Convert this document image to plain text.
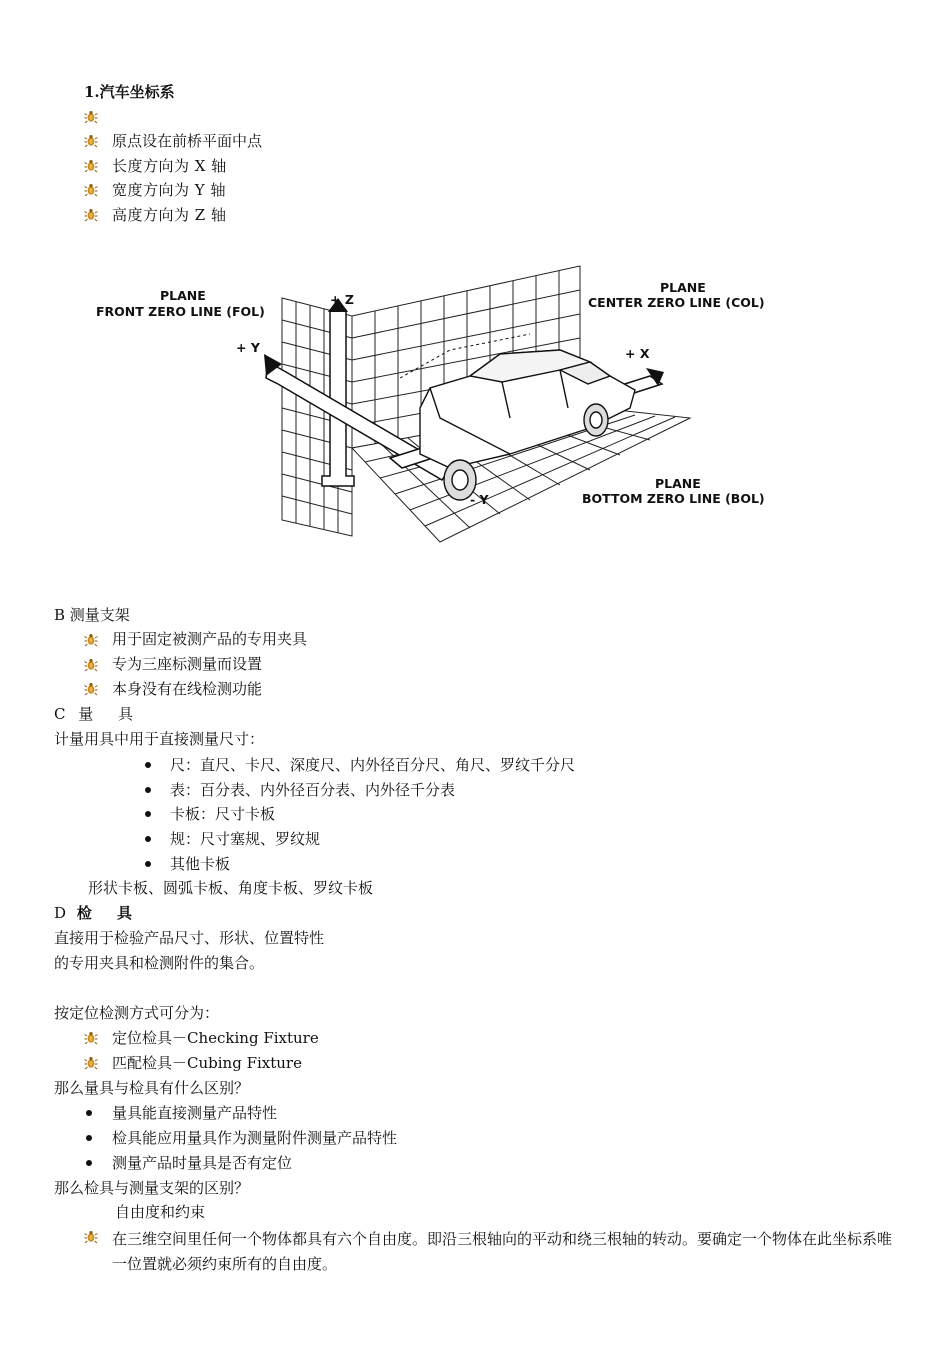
1.汽车坐标系
原点设在前桥平面中点
长度方向为 X 轴
宽度方向为 Y 轴
高度方向为 Z 轴
PLANE
FRONT ZERO LINE (FOL)
PLANE
CENTER ZERO LINE (COL)
PLANE
BOTTOM ZERO LINE (BOL)
+ Z
+ Y	+ X
- Y
B 测量支架
用于固定被测产品的专用夹具
专为三座标测量而设置
本身没有在线检测功能
C 量 具
计量用具中用于直接测量尺寸：
尺：直尺、卡尺、深度尺、内外径百分尺、角尺、罗纹千分尺
表：百分表、内外径百分表、内外径千分表
卡板：尺寸卡板
规：尺寸塞规、罗纹规
其他卡板
形状卡板、圆弧卡板、角度卡板、罗纹卡板
D 检 具
直接用于检验产品尺寸、形状、位置特性
的专用夹具和检测附件的集合。
按定位检测方式可分为：
定位检具－Checking Fixture
匹配检具－Cubing Fixture
那么量具与检具有什么区别？
量具能直接测量产品特性
检具能应用量具作为测量附件测量产品特性
测量产品时量具是否有定位
那么检具与测量支架的区别？
自由度和约束
在三维空间里任何一个物体都具有六个自由度。即沿三根轴向的平动和绕三根轴的转动。要确定一个物体在此坐标系唯一位置就必须约束所有的自由度。
